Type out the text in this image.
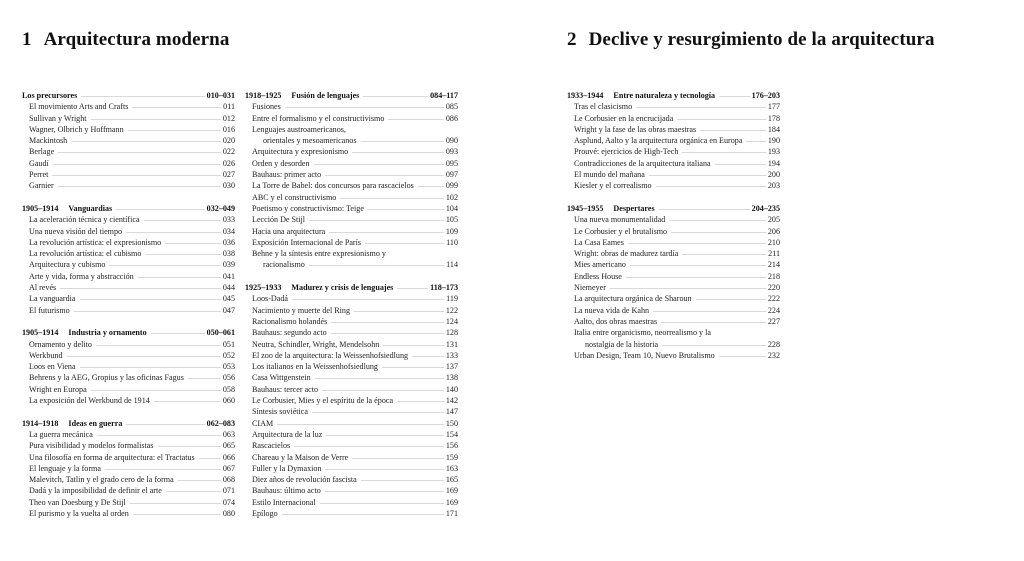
1 Arquitectura moderna	2 Declive y resurgimiento de la arquitectura
Los precursores	010–031
El movimiento Arts and Crafts	011
Sullivan y Wright	012
Wagner, Olbrich y Hoffmann	016
Mackintosh	020
Berlage	022
Gaudí	026
Perret	027
Garnier	030
1905–1914 Vanguardias	032–049
La aceleración técnica y científica	033
Una nueva visión del tiempo	034
La revolución artística: el expresionismo	036
La revolución artística: el cubismo	038
Arquitectura y cubismo	039
Arte y vida, forma y abstracción	041
Al revés	044
La vanguardia	045
El futurismo	047
1905–1914 Industria y ornamento	050–061
Ornamento y delito	051
Werkbund	052
Loos en Viena	053
Behrens y la AEG, Gropius y las oficinas Fagus	056
Wright en Europa	058
La exposición del Werkbund de 1914	060
1914–1918 Ideas en guerra	062–083
La guerra mecánica	063
Pura visibilidad y modelos formalistas	065
Una filosofía en forma de arquitectura: el Tractatus	066
El lenguaje y la forma	067
Malevitch, Tatlin y el grado cero de la forma	068
Dadá y la imposibilidad de definir el arte	071
Theo van Doesburg y De Stijl	074
El purismo y la vuelta al orden	080
1918–1925 Fusión de lenguajes	084–117
Fusiones	085
Entre el formalismo y el constructivismo	086
Lenguajes austroamericanos,
orientales y mesoamericanos	090
Arquitectura y expresionismo	093
Orden y desorden	095
Bauhaus: primer acto	097
La Torre de Babel: dos concursos para rascacielos	099
ABC y el constructivismo	102
Poetismo y constructivismo: Teige	104
Lección De Stijl	105
Hacia una arquitectura	109
Exposición Internacional de París	110
Behne y la síntesis entre expresionismo y
racionalismo	114
1925–1933 Madurez y crisis de lenguajes	118–173
Loos-Dadá	119
Nacimiento y muerte del Ring	122
Racionalismo holandés	124
Bauhaus: segundo acto	128
Neutra, Schindler, Wright, Mendelsohn	131
El zoo de la arquitectura: la Weissenhofsiedlung	133
Los italianos en la Weissenhofsiedlung	137
Casa Wittgenstein	138
Bauhaus: tercer acto	140
Le Corbusier, Mies y el espíritu de la época	142
Síntesis soviética	147
CIAM	150
Arquitectura de la luz	154
Rascacielos	156
Chareau y la Maison de Verre	159
Fuller y la Dymaxion	163
Diez años de revolución fascista	165
Bauhaus: último acto	169
Estilo Internacional	169
Epílogo	171
1933–1944 Entre naturaleza y tecnología	176–203
Tras el clasicismo	177
Le Corbusier en la encrucijada	178
Wright y la fase de las obras maestras	184
Asplund, Aalto y la arquitectura orgánica en Europa	190
Prouvé: ejercicios de High-Tech	193
Contradicciones de la arquitectura italiana	194
El mundo del mañana	200
Kiesler y el correalismo	203
1945–1955 Despertares	204–235
Una nueva monumentalidad	205
Le Corbusier y el brutalismo	206
La Casa Eames	210
Wright: obras de madurez tardía	211
Mies americano	214
Endless House	218
Niemeyer	220
La arquitectura orgánica de Sharoun	222
La nueva vida de Kahn	224
Aalto, dos obras maestras	227
Italia entre organicismo, neorrealismo y la
nostalgia de la historia	228
Urban Design, Team 10, Nuevo Brutalismo	232
